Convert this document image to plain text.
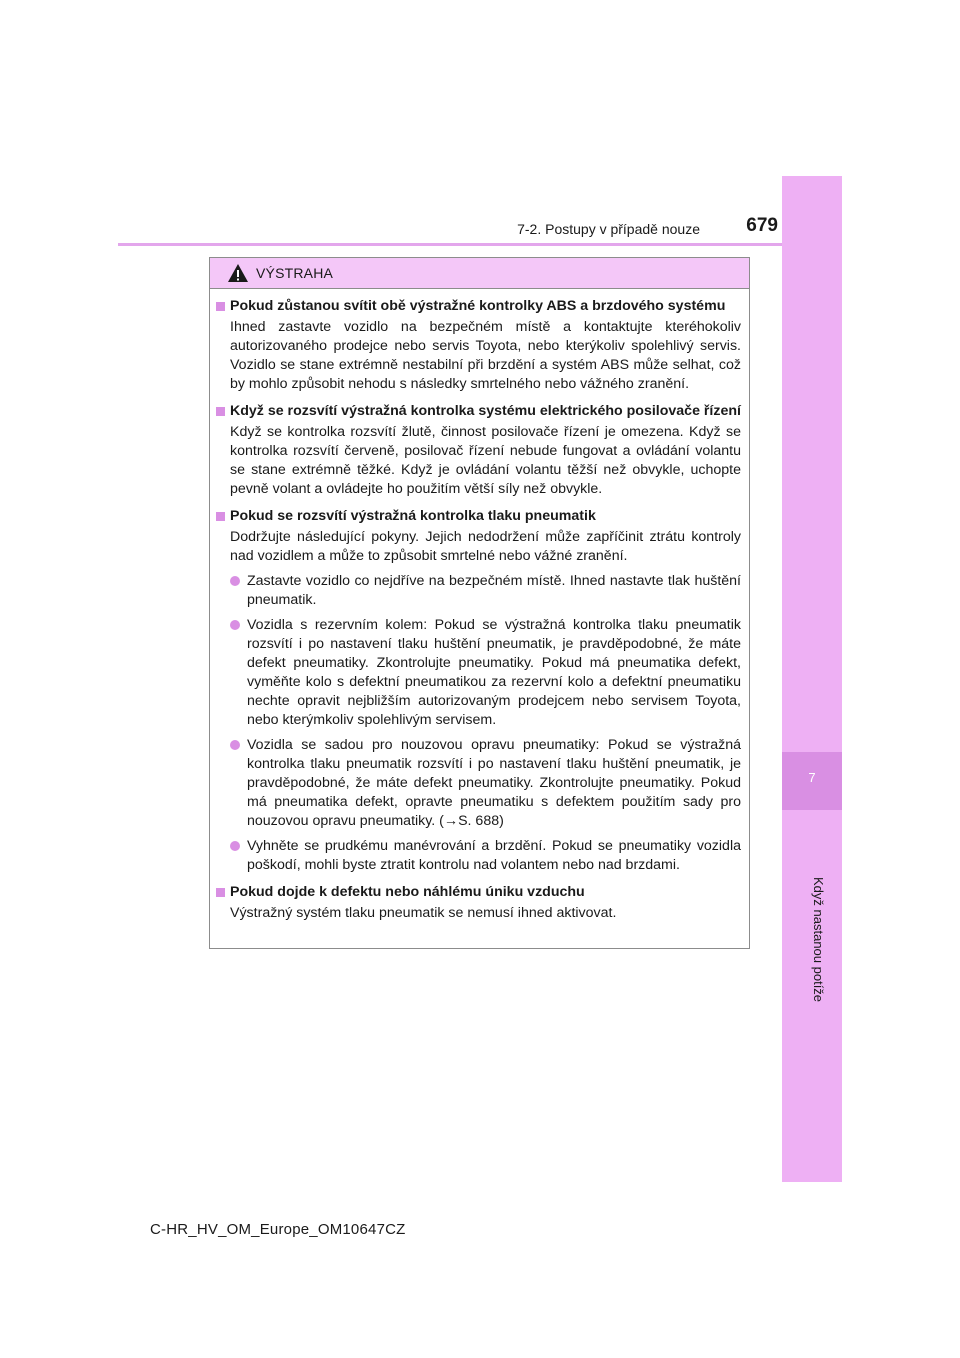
7
Když nastanou potíže
7-2. Postupy v případě nouze	679
VÝSTRAHA
Pokud zůstanou svítit obě výstražné kontrolky ABS a brzdového systému
Ihned zastavte vozidlo na bezpečném místě a kontaktujte kteréhokoliv autorizovaného prodejce nebo servis Toyota, nebo kterýkoliv spolehlivý servis. Vozidlo se stane extrémně nestabilní při brzdění a systém ABS může selhat, což by mohlo způsobit nehodu s následky smrtelného nebo vážného zranění.
Když se rozsvítí výstražná kontrolka systému elektrického posilovače řízení
Když se kontrolka rozsvítí žlutě, činnost posilovače řízení je omezena. Když se kontrolka rozsvítí červeně, posilovač řízení nebude fungovat a ovládání volantu se stane extrémně těžké. Když je ovládání volantu těžší než obvykle, uchopte pevně volant a ovládejte ho použitím větší síly než obvykle.
Pokud se rozsvítí výstražná kontrolka tlaku pneumatik
Dodržujte následující pokyny. Jejich nedodržení může zapříčinit ztrátu kontroly nad vozidlem a může to způsobit smrtelné nebo vážné zranění.
Zastavte vozidlo co nejdříve na bezpečném místě. Ihned nastavte tlak huštění pneumatik.
Vozidla s rezervním kolem: Pokud se výstražná kontrolka tlaku pneumatik rozsvítí i po nastavení tlaku huštění pneumatik, je pravděpodobné, že máte defekt pneumatiky. Zkontrolujte pneumatiky. Pokud má pneumatika defekt, vyměňte kolo s defektní pneumatikou za rezervní kolo a defektní pneumatiku nechte opravit nejbližším autorizovaným prodejcem nebo servisem Toyota, nebo kterýmkoliv spolehlivým servisem.
Vozidla se sadou pro nouzovou opravu pneumatiky: Pokud se výstražná kontrolka tlaku pneumatik rozsvítí i po nastavení tlaku huštění pneumatik, je pravděpodobné, že máte defekt pneumatiky. Zkontrolujte pneumatiky. Pokud má pneumatika defekt, opravte pneumatiku s defektem použitím sady pro nouzovou opravu pneumatiky. (→S. 688)
Vyhněte se prudkému manévrování a brzdění. Pokud se pneumatiky vozidla poškodí, mohli byste ztratit kontrolu nad volantem nebo nad brzdami.
Pokud dojde k defektu nebo náhlému úniku vzduchu
Výstražný systém tlaku pneumatik se nemusí ihned aktivovat.
C-HR_HV_OM_Europe_OM10647CZ
